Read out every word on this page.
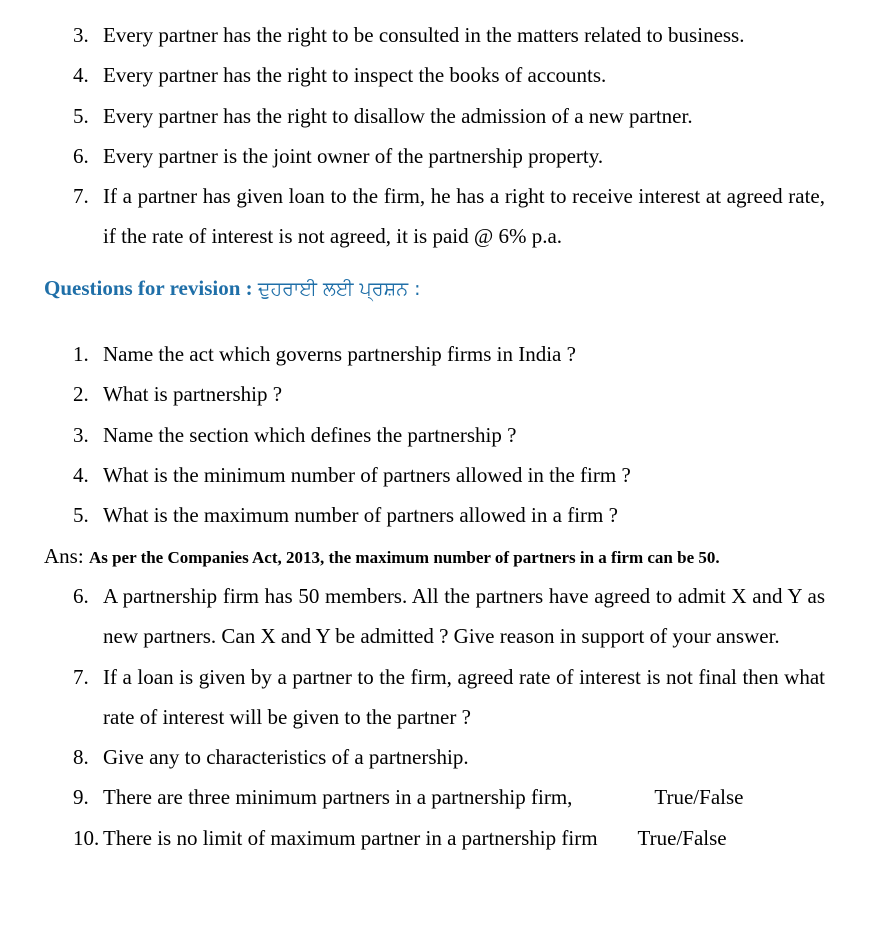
3. Every partner has the right to be consulted in the matters related to business.
4. Every partner has the right to inspect the books of accounts.
5. Every partner has the right to disallow the admission of a new partner.
6. Every partner is the joint owner of the partnership property.
7. If a partner has given loan to the firm, he has a right to receive interest at agreed rate, if the rate of interest is not agreed, it is paid @ 6% p.a.
Questions for revision : ਦੁਹਰਾਈ ਲਈ ਪ੍ਰਸ਼ਨ :
1. Name the act which governs partnership firms in India ?
2. What is partnership ?
3. Name the section which defines the partnership ?
4. What is the minimum number of partners allowed in the firm ?
5. What is the maximum number of partners allowed in a firm ?
Ans: As per the Companies Act, 2013, the maximum number of partners in a firm can be 50.
6. A partnership firm has 50 members. All the partners have agreed to admit X and Y as new partners. Can X and Y be admitted ? Give reason in support of your answer.
7. If a loan is given by a partner to the firm, agreed rate of interest is not final then what rate of interest will be given to the partner ?
8. Give any to characteristics of a partnership.
9. There are three minimum partners in a partnership firm,	True/False
10. There is no limit of maximum partner in a partnership firm True/False
